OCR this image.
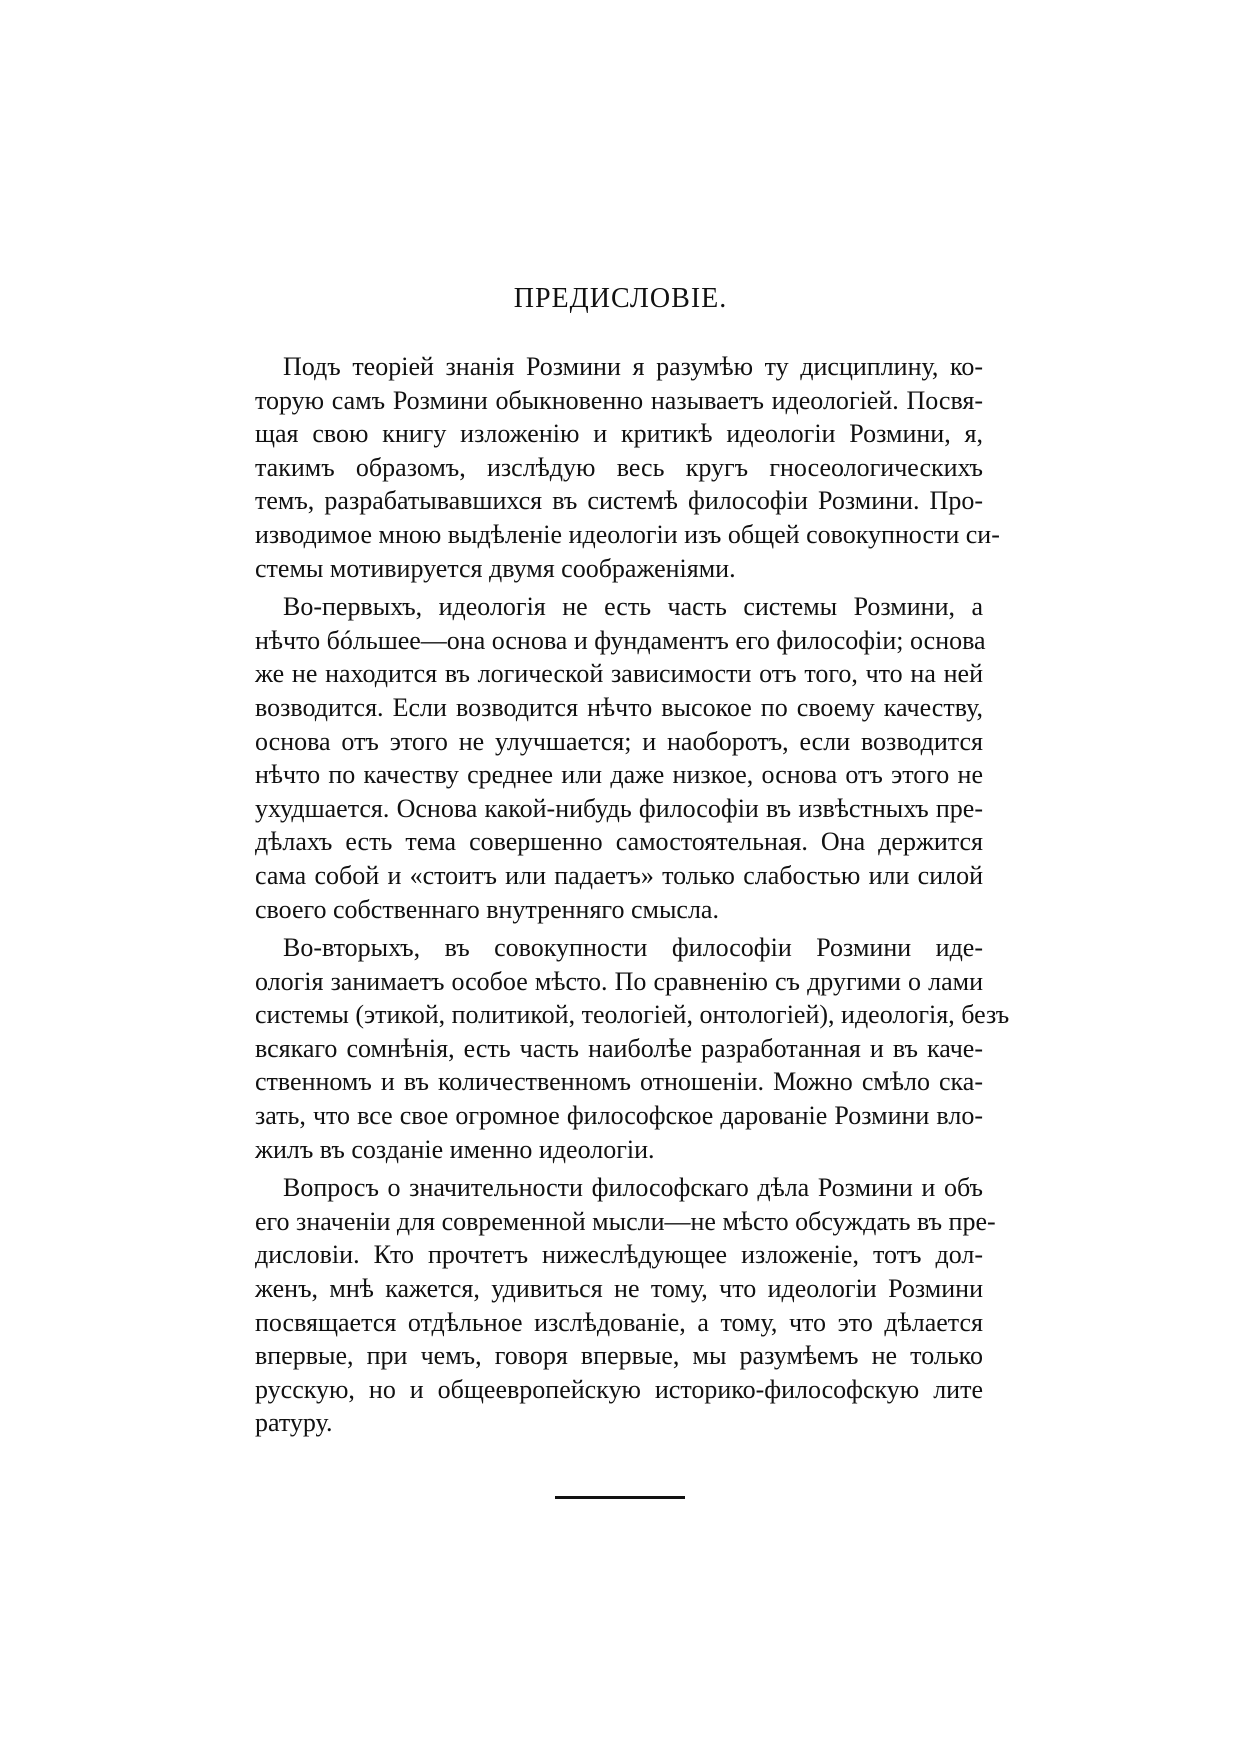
ПРЕДИСЛОВІЕ.

Подъ теоріей знанія Розмини я разумѣю ту дисциплину, ко-
торую самъ Розмини обыкновенно называетъ идеологіей. Посвя-
щая свою книгу изложенію и критикѣ идеологіи Розмини, я,
такимъ образомъ, изслѣдую весь кругъ гносеологическихъ
темъ, разрабатывавшихся въ системѣ философіи Розмини. Про-
изводимое мною выдѣленіе идеологіи изъ общей совокупности си-
стемы мотивируется двумя соображеніями.

Во-первыхъ, идеологія не есть часть системы Розмини, а
нѣчто бóльшее—она основа и фундаментъ его философіи; основа
же не находится въ логической зависимости отъ того, что на ней
возводится. Если возводится нѣчто высокое по своему качеству,
основа отъ этого не улучшается; и наоборотъ, если возводится
нѣчто по качеству среднее или даже низкое, основа отъ этого не
ухудшается. Основа какой-нибудь философіи въ извѣстныхъ пре-
дѣлахъ есть тема совершенно самостоятельная. Она держится
сама собой и «стоитъ или падаетъ» только слабостью или силой
своего собственнаго внутренняго смысла.

Во-вторыхъ, въ совокупности философіи Розмини иде-
ологія занимаетъ особое мѣсто. По сравненію съ другими о лами
системы (этикой, политикой, теологіей, онтологіей), идеологія, безъ
всякаго сомнѣнія, есть часть наиболѣе разработанная и въ каче-
ственномъ и въ количественномъ отношеніи. Можно смѣло ска-
зать, что все свое огромное философское дарованіе Розмини вло-
жилъ въ созданіе именно идеологіи.

Вопросъ о значительности философскаго дѣла Розмини и объ
его значеніи для современной мысли—не мѣсто обсуждать въ пре-
дисловіи. Кто прочтетъ нижеслѣдующее изложеніе, тотъ дол-
женъ, мнѣ кажется, удивиться не тому, что идеологіи Розмини
посвящается отдѣльное изслѣдованіе, а тому, что это дѣлается
впервые, при чемъ, говоря впервые, мы разумѣемъ не только
русскую, но и общеевропейскую историко-философскую лите
ратуру.
